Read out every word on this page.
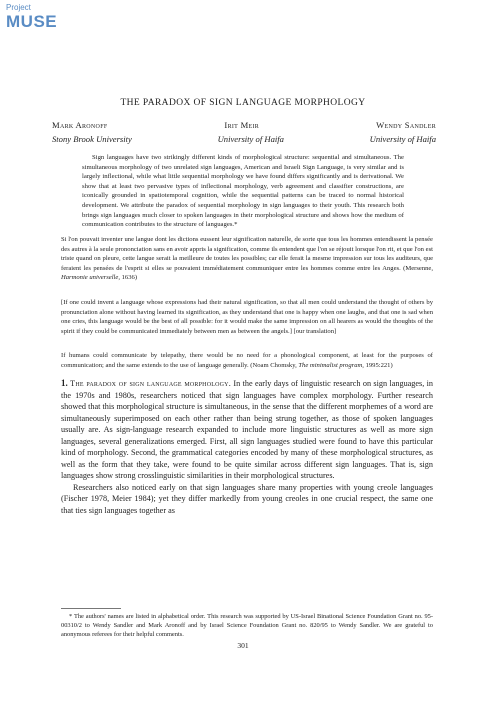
Project
MUSE
THE PARADOX OF SIGN LANGUAGE MORPHOLOGY
Mark Aronoff	Irit Meir	Wendy Sandler
Stony Brook University	University of Haifa	University of Haifa
Sign languages have two strikingly different kinds of morphological structure: sequential and simultaneous. The simultaneous morphology of two unrelated sign languages, American and Israeli Sign Language, is very similar and is largely inflectional, while what little sequential morphology we have found differs significantly and is derivational. We show that at least two pervasive types of inflectional morphology, verb agreement and classifier constructions, are iconically grounded in spatiotemporal cognition, while the sequential patterns can be traced to normal historical development. We attribute the paradox of sequential morphology in sign languages to their youth. This research both brings sign languages much closer to spoken languages in their morphological structure and shows how the medium of communication contributes to the structure of languages.*
Si l'on pouvait inventer une langue dont les dictions eussent leur signification naturelle, de sorte que tous les hommes entendissent la pensée des autres à la seule prononciation sans en avoir appris la signification, comme ils entendent que l'on se réjouit lorsque l'on rit, et que l'on est triste quand on pleure, cette langue serait la meilleure de toutes les possibles; car elle ferait la mesme impression sur tous les auditeurs, que feraient les pensées de l'esprit si elles se pouvaient immédiatement communiquer entre les hommes comme entre les Anges. (Mersenne, Harmonie universelle, 1636)
[If one could invent a language whose expressions had their natural signification, so that all men could understand the thought of others by pronunciation alone without having learned its signification, as they understand that one is happy when one laughs, and that one is sad when one cries, this language would be the best of all possible: for it would make the same impression on all hearers as would the thoughts of the spirit if they could be communicated immediately between men as between the angels.] [our translation]
If humans could communicate by telepathy, there would be no need for a phonological component, at least for the purposes of communication; and the same extends to the use of language generally. (Noam Chomsky, The minimalist program, 1995:221)

1. The paradox of sign language morphology. In the early days of linguistic research on sign languages, in the 1970s and 1980s, researchers noticed that sign languages have complex morphology. Further research showed that this morphological structure is simultaneous, in the sense that the different morphemes of a word are simultaneously superimposed on each other rather than being strung together, as those of spoken languages usually are. As sign-language research expanded to include more linguistic structures as well as more sign languages, several generalizations emerged. First, all sign languages studied were found to have this particular kind of morphology. Second, the grammatical categories encoded by many of these morphological structures, as well as the form that they take, were found to be quite similar across different sign languages. That is, sign languages show strong crosslinguistic similarities in their morphological structures.

Researchers also noticed early on that sign languages share many properties with young creole languages (Fischer 1978, Meier 1984); yet they differ markedly from young creoles in one crucial respect, the same one that ties sign languages together as

* The authors' names are listed in alphabetical order. This research was supported by US-Israel Binational Science Foundation Grant no. 95-00310/2 to Wendy Sandler and Mark Aronoff and by Israel Science Foundation Grant no. 820/95 to Wendy Sandler. We are grateful to anonymous referees for their helpful comments.
301
